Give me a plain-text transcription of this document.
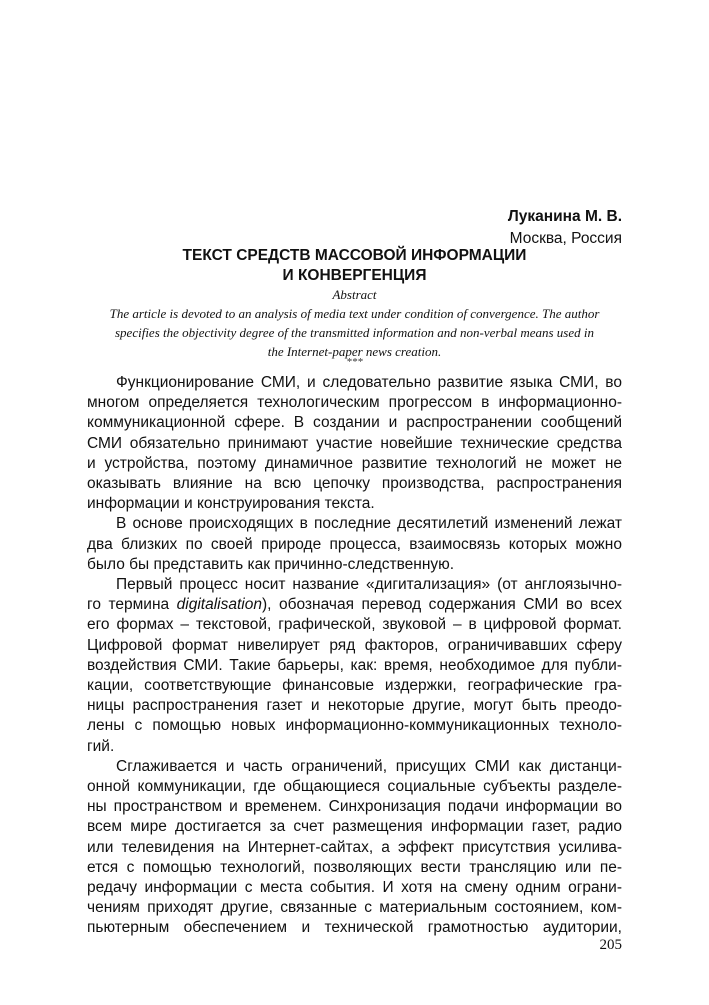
Луканина М. В.
Москва, Россия
ТЕКСТ СРЕДСТВ МАССОВОЙ ИНФОРМАЦИИ
И КОНВЕРГЕНЦИЯ
Abstract
The article is devoted to an analysis of media text under condition of convergence. The author
specifies the objectivity degree of the transmitted information and non-verbal means used in
the Internet-paper news creation.
***
Функционирование СМИ, и следовательно развитие языка СМИ, во
многом определяется технологическим прогрессом в информационно-
коммуникационной сфере. В создании и распространении сообщений
СМИ обязательно принимают участие новейшие технические средства
и устройства, поэтому динамичное развитие технологий не может не
оказывать влияние на всю цепочку производства, распространения
информации и конструирования текста.
В основе происходящих в последние десятилетий изменений лежат
два близких по своей природе процесса, взаимосвязь которых можно
было бы представить как причинно-следственную.
Первый процесс носит название «дигитализация» (от англоязычно-
го термина digitalisation), обозначая перевод содержания СМИ во всех
его формах – текстовой, графической, звуковой – в цифровой формат.
Цифровой формат нивелирует ряд факторов, ограничивавших сферу
воздействия СМИ. Такие барьеры, как: время, необходимое для публи-
кации, соответствующие финансовые издержки, географические гра-
ницы распространения газет и некоторые другие, могут быть преодо-
лены с помощью новых информационно-коммуникационных техноло-
гий.
Сглаживается и часть ограничений, присущих СМИ как дистанци-
онной коммуникации, где общающиеся социальные субъекты разделе-
ны пространством и временем. Синхронизация подачи информации во
всем мире достигается за счет размещения информации газет, радио
или телевидения на Интернет-сайтах, а эффект присутствия усилива-
ется с помощью технологий, позволяющих вести трансляцию или пе-
редачу информации с места события. И хотя на смену одним ограни-
чениям приходят другие, связанные с материальным состоянием, ком-
пьютерным обеспечением и технической грамотностью аудитории,
205
